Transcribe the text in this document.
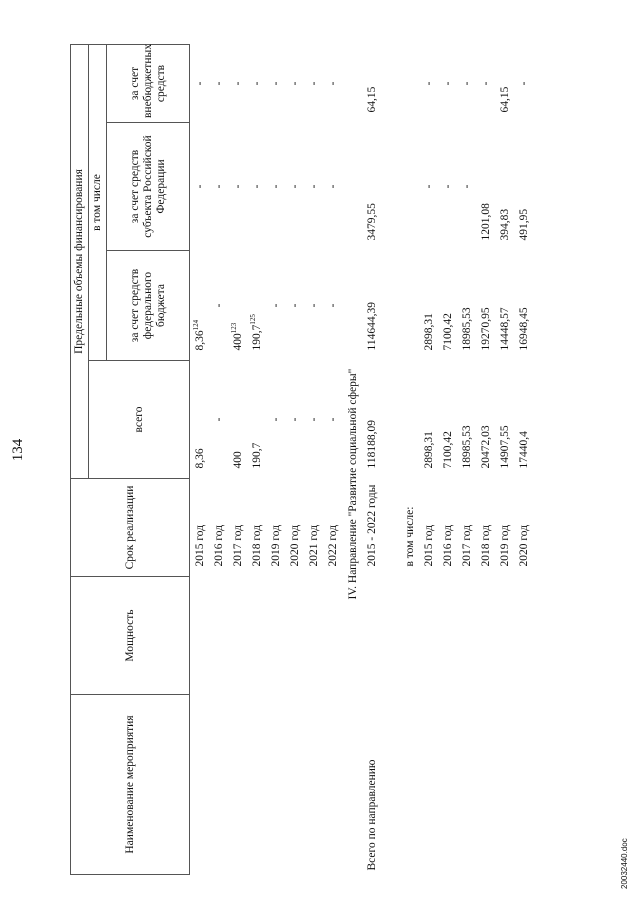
134
Наименование мероприятия	Мощность	Срок реализации	Предельные объемы финансирования			
			всего	в том числе		
				за счет средств федерального бюджета	за счет средств субъекта Российской Федерации	за счет внебюджетных средств
		2015 год	8,36	8,36$^{124}$	-	-
		2016 год	-	-	-	-
		2017 год	400	$400^{123}$	-	-
		2018 год	190,7	190,7$^{125}$	-	-
		2019 год	-	-	-	-
		2020 год	-	-	-	-
		2021 год	-	-	-	-
		2022 год	-	-	-	-
IV. Направление "Развитие социальной сферы"						
Всего по направлению		2015 - 2022 годы	118188,09	114644,39	3479,55	64,15
		в том числе:				
		2015 год	2898,31	2898,31	-	-
		2016 год	7100,42	7100,42	-	-
		2017 год	18985,53	18985,53	-	-
		2018 год	20472,03	19270,95	1201,08	-
		2019 год	14907,55	14448,57	394,83	64,15
		2020 год	17440,4	16948,45	491,95	-
20032440.doc
